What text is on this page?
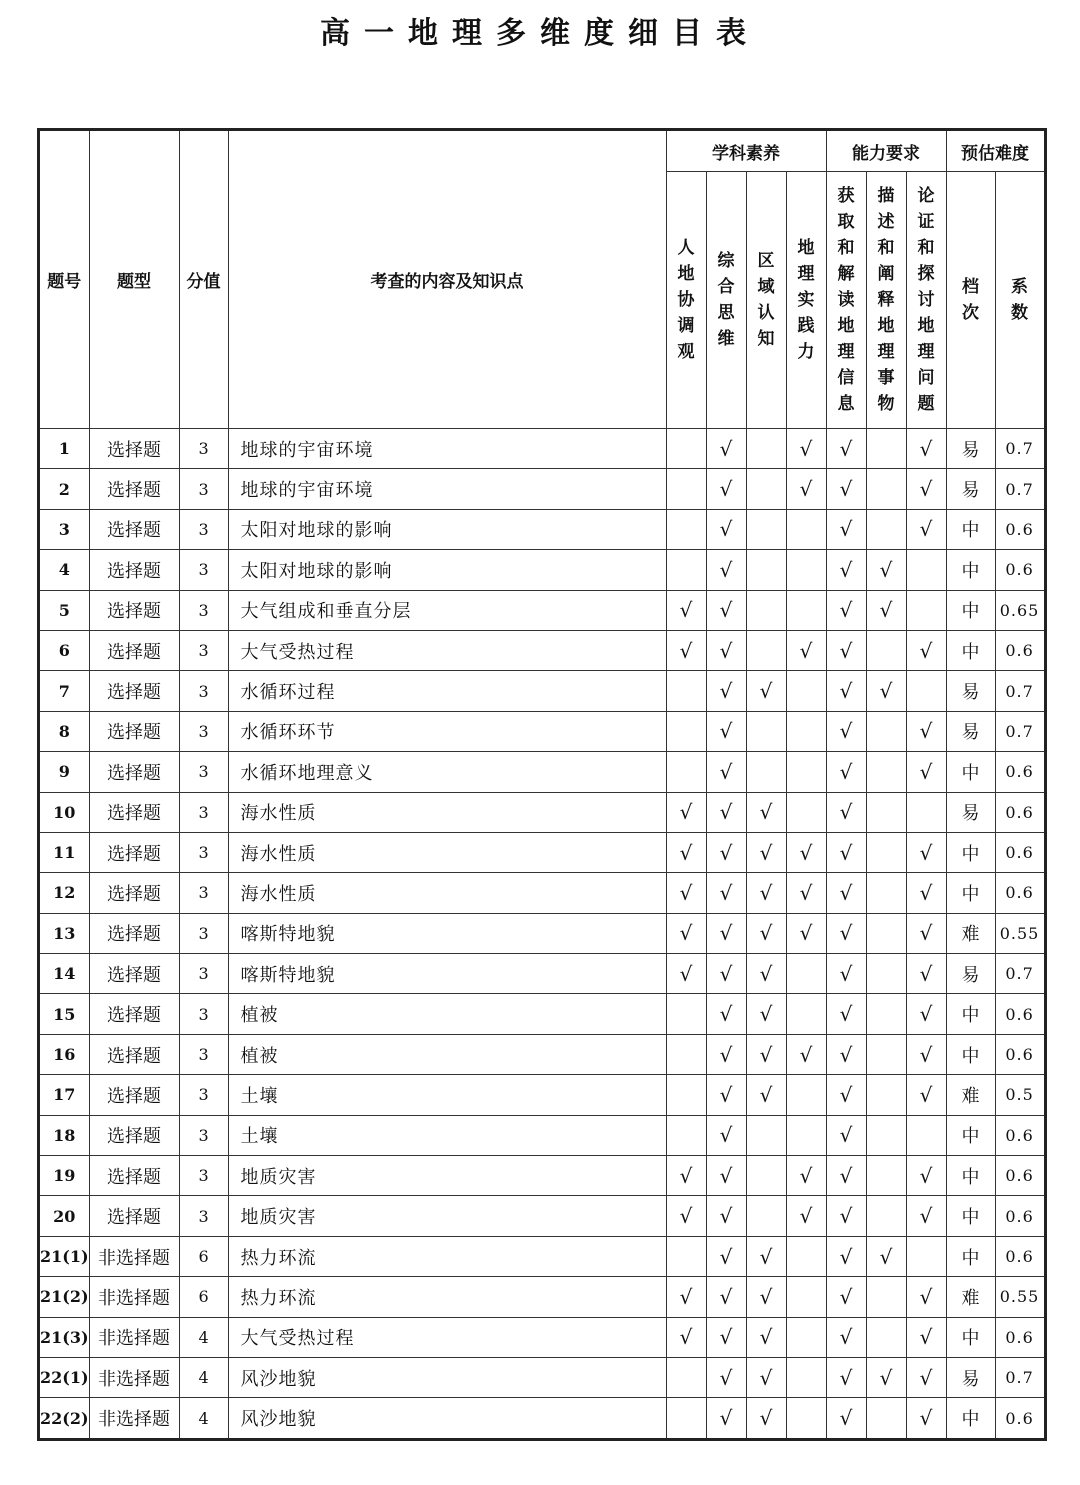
高一地理多维度细目表
题号	题型	分值	考查的内容及知识点	学科素养				能力要求			预估难度	
				人地协调观	综合思维	区域认知	地理实践力	获取和解读地理信息	描述和阐释地理事物	论证和探讨地理问题	档次	系数
1	选择题	3	地球的宇宙环境		√		√	√		√	易	0.7
2	选择题	3	地球的宇宙环境		√		√	√		√	易	0.7
3	选择题	3	太阳对地球的影响		√			√		√	中	0.6
4	选择题	3	太阳对地球的影响		√			√	√		中	0.6
5	选择题	3	大气组成和垂直分层	√	√			√	√		中	0.65
6	选择题	3	大气受热过程	√	√		√	√		√	中	0.6
7	选择题	3	水循环过程		√	√		√	√		易	0.7
8	选择题	3	水循环环节		√			√		√	易	0.7
9	选择题	3	水循环地理意义		√			√		√	中	0.6
10	选择题	3	海水性质	√	√	√		√			易	0.6
11	选择题	3	海水性质	√	√	√	√	√		√	中	0.6
12	选择题	3	海水性质	√	√	√	√	√		√	中	0.6
13	选择题	3	喀斯特地貌	√	√	√	√	√		√	难	0.55
14	选择题	3	喀斯特地貌	√	√	√		√		√	易	0.7
15	选择题	3	植被		√	√		√		√	中	0.6
16	选择题	3	植被		√	√	√	√		√	中	0.6
17	选择题	3	土壤		√	√		√		√	难	0.5
18	选择题	3	土壤		√			√			中	0.6
19	选择题	3	地质灾害	√	√		√	√		√	中	0.6
20	选择题	3	地质灾害	√	√		√	√		√	中	0.6
21(1)	非选择题	6	热力环流		√	√		√	√		中	0.6
21(2)	非选择题	6	热力环流	√	√	√		√		√	难	0.55
21(3)	非选择题	4	大气受热过程	√	√	√		√		√	中	0.6
22(1)	非选择题	4	风沙地貌		√	√		√	√	√	易	0.7
22(2)	非选择题	4	风沙地貌		√	√		√		√	中	0.6
